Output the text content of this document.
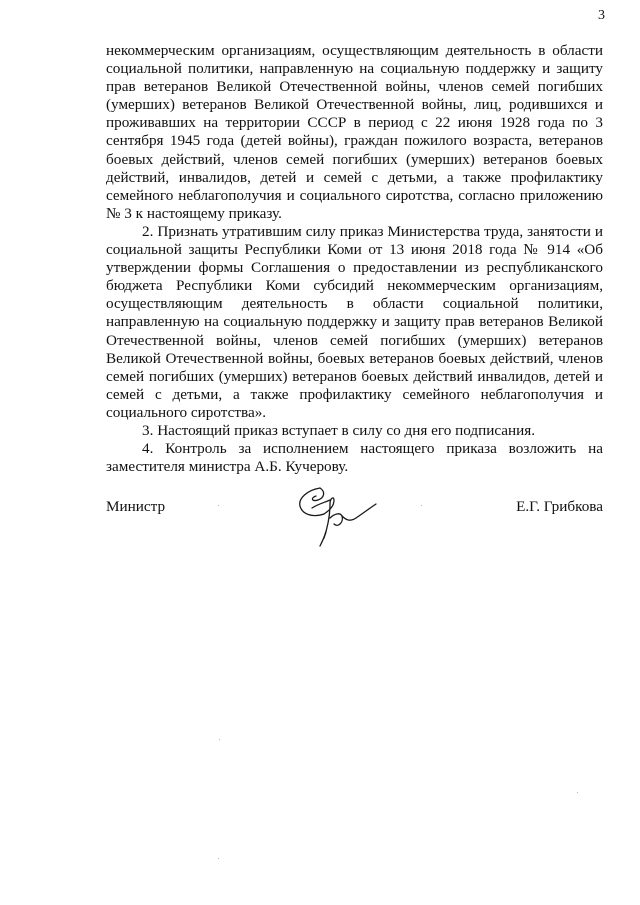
3

некоммерческим организациям, осуществляющим деятельность в области социальной политики, направленную на социальную поддержку и защиту прав ветеранов Великой Отечественной войны, членов семей погибших (умерших) ветеранов Великой Отечественной войны, лиц, родившихся и проживавших на территории СССР в период с 22 июня 1928 года по 3 сентября 1945 года (детей войны), граждан пожилого возраста, ветеранов боевых действий, членов семей погибших (умерших) ветеранов боевых действий, инвалидов, детей и семей с детьми, а также профилактику семейного неблагополучия и социального сиротства, согласно приложению № 3 к настоящему приказу.

2. Признать утратившим силу приказ Министерства труда, занятости и социальной защиты Республики Коми от 13 июня 2018 года № 914 «Об утверждении формы Соглашения о предоставлении из республиканского бюджета Республики Коми субсидий некоммерческим организациям, осуществляющим деятельность в области социальной политики, направленную на социальную поддержку и защиту прав ветеранов Великой Отечественной войны, членов семей погибших (умерших) ветеранов Великой Отечественной войны, боевых ветеранов боевых действий, членов семей погибших (умерших) ветеранов боевых действий инвалидов, детей и семей с детьми, а также профилактику семейного неблагополучия и социального сиротства».

3. Настоящий приказ вступает в силу со дня его подписания.

4. Контроль за исполнением настоящего приказа возложить на заместителя министра А.Б. Кучерову.

Министр	Е.Г. Грибкова
